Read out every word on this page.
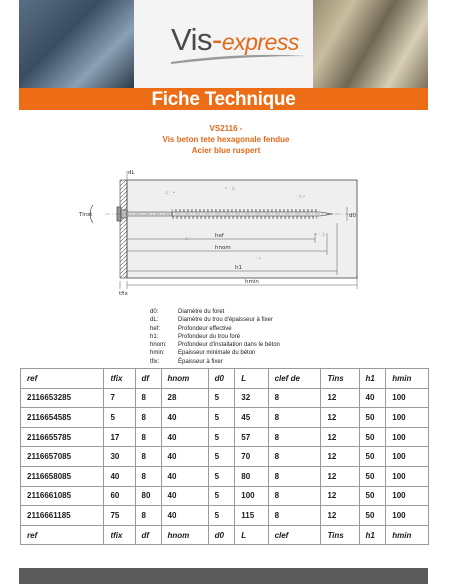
Vis-express
Fiche Technique
VS2116 -
Vis beton tete hexagonale fendue
Acier blue ruspert
△ ◦ ▵
▵ ◦ △
◦ △ ▵
△ ◦
▵ ◦ △
◦ ▵
dL
Tinst
hef
hnom
h1
hmin
tfix
d0
d0:	Diamètre du foret
dL:	Diamètre du trou d'épaisseur à fixer
hef:	Profondeur effective
h1:	Profondeur du trou foré
hnom: Profondeur d'installation dans le béton
hmin: Epaisseur minimale du béton
tfix:	Épaisseur à fixer
ref	tfix	df	hnom	d0	L	clef de	Tins	h1	hmin
2116653285	7	8	28	5	32	8	12	40	100
2116654585	5	8	40	5	45	8	12	50	100
2116655785	17	8	40	5	57	8	12	50	100
2116657085	30	8	40	5	70	8	12	50	100
2116658085	40	8	40	5	80	8	12	50	100
2116661085	60	80	40	5	100	8	12	50	100
2116661185	75	8	40	5	115	8	12	50	100
ref	tfix	df	hnom	d0	L	clef	Tins	h1	hmin
